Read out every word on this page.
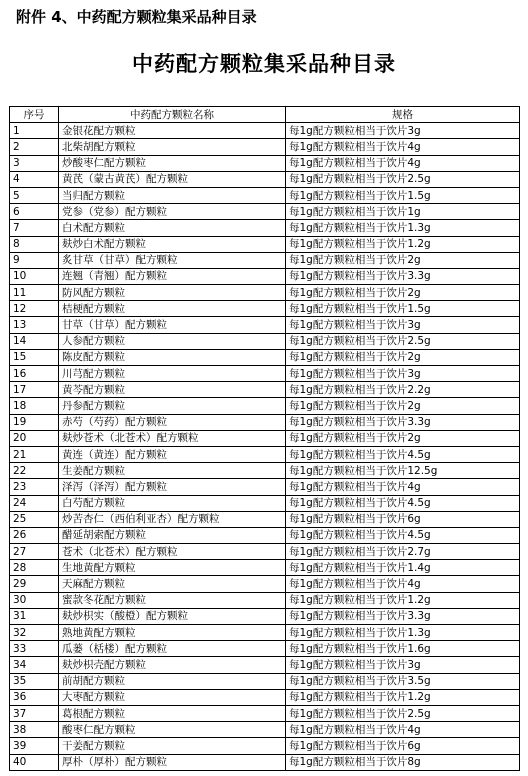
附件 4、中药配方颗粒集采品种目录
中药配方颗粒集采品种目录
序号	中药配方颗粒名称	规格
1	金银花配方颗粒	每1g配方颗粒相当于饮片3g
2	北柴胡配方颗粒	每1g配方颗粒相当于饮片4g
3	炒酸枣仁配方颗粒	每1g配方颗粒相当于饮片4g
4	黄芪（蒙古黄芪）配方颗粒	每1g配方颗粒相当于饮片2.5g
5	当归配方颗粒	每1g配方颗粒相当于饮片1.5g
6	党参（党参）配方颗粒	每1g配方颗粒相当于饮片1g
7	白术配方颗粒	每1g配方颗粒相当于饮片1.3g
8	麸炒白术配方颗粒	每1g配方颗粒相当于饮片1.2g
9	炙甘草（甘草）配方颗粒	每1g配方颗粒相当于饮片2g
10	连翘（青翘）配方颗粒	每1g配方颗粒相当于饮片3.3g
11	防风配方颗粒	每1g配方颗粒相当于饮片2g
12	桔梗配方颗粒	每1g配方颗粒相当于饮片1.5g
13	甘草（甘草）配方颗粒	每1g配方颗粒相当于饮片3g
14	人参配方颗粒	每1g配方颗粒相当于饮片2.5g
15	陈皮配方颗粒	每1g配方颗粒相当于饮片2g
16	川芎配方颗粒	每1g配方颗粒相当于饮片3g
17	黄芩配方颗粒	每1g配方颗粒相当于饮片2.2g
18	丹参配方颗粒	每1g配方颗粒相当于饮片2g
19	赤芍（芍药）配方颗粒	每1g配方颗粒相当于饮片3.3g
20	麸炒苍术（北苍术）配方颗粒	每1g配方颗粒相当于饮片2g
21	黄连（黄连）配方颗粒	每1g配方颗粒相当于饮片4.5g
22	生姜配方颗粒	每1g配方颗粒相当于饮片12.5g
23	泽泻（泽泻）配方颗粒	每1g配方颗粒相当于饮片4g
24	白芍配方颗粒	每1g配方颗粒相当于饮片4.5g
25	炒苦杏仁（西伯利亚杏）配方颗粒	每1g配方颗粒相当于饮片6g
26	醋延胡索配方颗粒	每1g配方颗粒相当于饮片4.5g
27	苍术（北苍术）配方颗粒	每1g配方颗粒相当于饮片2.7g
28	生地黄配方颗粒	每1g配方颗粒相当于饮片1.4g
29	天麻配方颗粒	每1g配方颗粒相当于饮片4g
30	蜜款冬花配方颗粒	每1g配方颗粒相当于饮片1.2g
31	麸炒枳实（酸橙）配方颗粒	每1g配方颗粒相当于饮片3.3g
32	熟地黄配方颗粒	每1g配方颗粒相当于饮片1.3g
33	瓜蒌（栝楼）配方颗粒	每1g配方颗粒相当于饮片1.6g
34	麸炒枳壳配方颗粒	每1g配方颗粒相当于饮片3g
35	前胡配方颗粒	每1g配方颗粒相当于饮片3.5g
36	大枣配方颗粒	每1g配方颗粒相当于饮片1.2g
37	葛根配方颗粒	每1g配方颗粒相当于饮片2.5g
38	酸枣仁配方颗粒	每1g配方颗粒相当于饮片4g
39	干姜配方颗粒	每1g配方颗粒相当于饮片6g
40	厚朴（厚朴）配方颗粒	每1g配方颗粒相当于饮片8g
